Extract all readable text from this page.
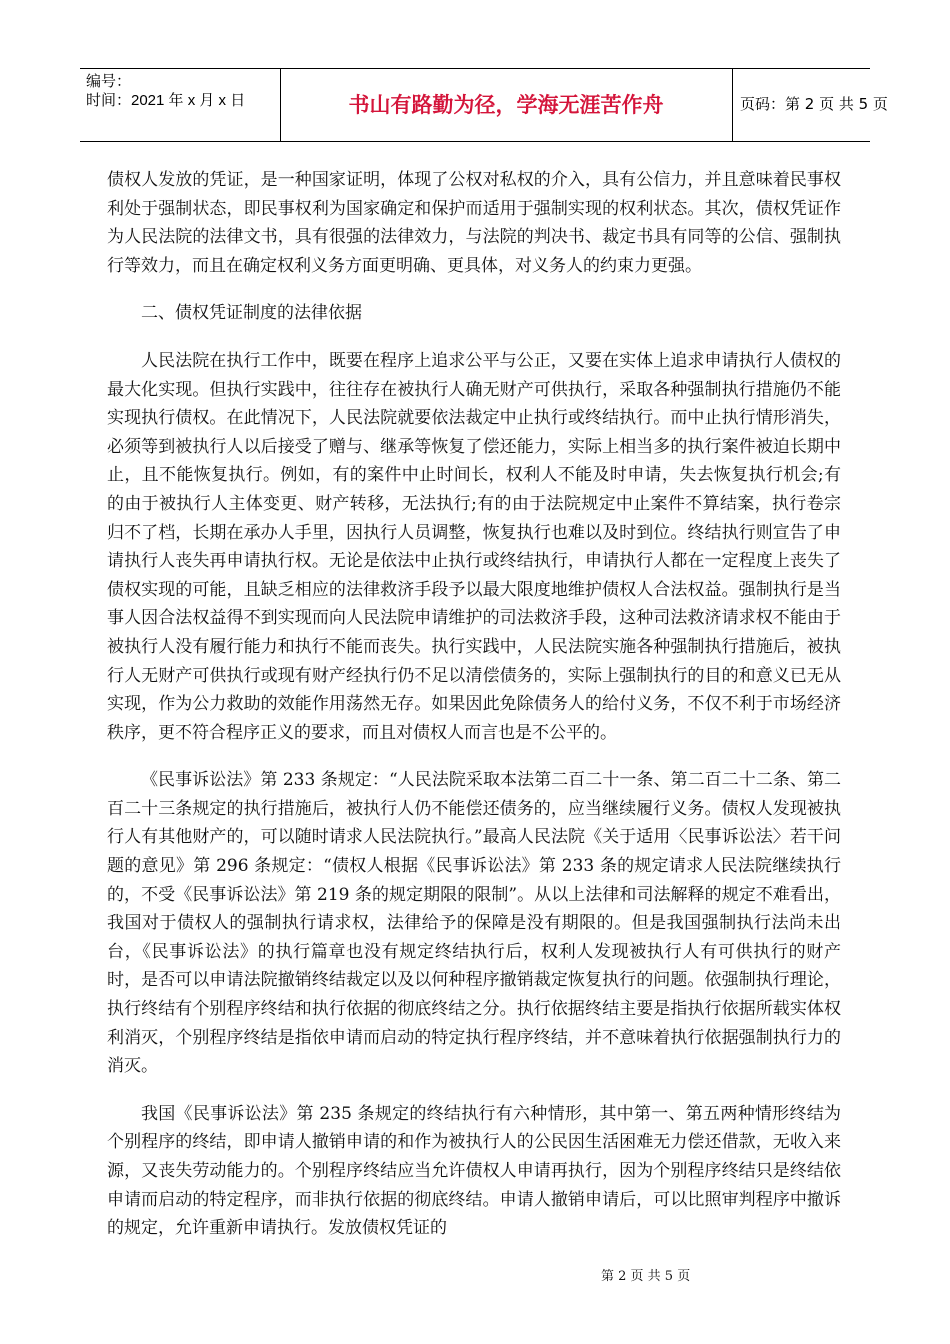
编号：
时间：2021 年 x 月 x 日	书山有路勤为径，学海无涯苦作舟	页码：第 2 页 共 5 页

债权人发放的凭证，是一种国家证明，体现了公权对私权的介入，具有公信力，并且意味着民事权利处于强制状态，即民事权利为国家确定和保护而适用于强制实现的权利状态。其次，债权凭证作为人民法院的法律文书，具有很强的法律效力，与法院的判决书、裁定书具有同等的公信、强制执行等效力，而且在确定权利义务方面更明确、更具体，对义务人的约束力更强。

二、债权凭证制度的法律依据

人民法院在执行工作中，既要在程序上追求公平与公正，又要在实体上追求申请执行人债权的最大化实现。但执行实践中，往往存在被执行人确无财产可供执行，采取各种强制执行措施仍不能实现执行债权。在此情况下，人民法院就要依法裁定中止执行或终结执行。而中止执行情形消失，必须等到被执行人以后接受了赠与、继承等恢复了偿还能力，实际上相当多的执行案件被迫长期中止，且不能恢复执行。例如，有的案件中止时间长，权利人不能及时申请，失去恢复执行机会;有的由于被执行人主体变更、财产转移，无法执行;有的由于法院规定中止案件不算结案，执行卷宗归不了档，长期在承办人手里，因执行人员调整，恢复执行也难以及时到位。终结执行则宣告了申请执行人丧失再申请执行权。无论是依法中止执行或终结执行，申请执行人都在一定程度上丧失了债权实现的可能，且缺乏相应的法律救济手段予以最大限度地维护债权人合法权益。强制执行是当事人因合法权益得不到实现而向人民法院申请维护的司法救济手段，这种司法救济请求权不能由于被执行人没有履行能力和执行不能而丧失。执行实践中，人民法院实施各种强制执行措施后，被执行人无财产可供执行或现有财产经执行仍不足以清偿债务的，实际上强制执行的目的和意义已无从实现，作为公力救助的效能作用荡然无存。如果因此免除债务人的给付义务，不仅不利于市场经济秩序，更不符合程序正义的要求，而且对债权人而言也是不公平的。

《民事诉讼法》第 233 条规定：“人民法院采取本法第二百二十一条、第二百二十二条、第二百二十三条规定的执行措施后，被执行人仍不能偿还债务的，应当继续履行义务。债权人发现被执行人有其他财产的，可以随时请求人民法院执行。”最高人民法院《关于适用〈民事诉讼法〉若干问题的意见》第 296 条规定：“债权人根据《民事诉讼法》第 233 条的规定请求人民法院继续执行的，不受《民事诉讼法》第 219 条的规定期限的限制”。从以上法律和司法解释的规定不难看出，我国对于债权人的强制执行请求权，法律给予的保障是没有期限的。但是我国强制执行法尚未出台，《民事诉讼法》的执行篇章也没有规定终结执行后，权利人发现被执行人有可供执行的财产时，是否可以申请法院撤销终结裁定以及以何种程序撤销裁定恢复执行的问题。依强制执行理论，执行终结有个别程序终结和执行依据的彻底终结之分。执行依据终结主要是指执行依据所载实体权利消灭，个别程序终结是指依申请而启动的特定执行程序终结，并不意味着执行依据强制执行力的消灭。

我国《民事诉讼法》第 235 条规定的终结执行有六种情形，其中第一、第五两种情形终结为个别程序的终结，即申请人撤销申请的和作为被执行人的公民因生活困难无力偿还借款，无收入来源，又丧失劳动能力的。个别程序终结应当允许债权人申请再执行，因为个别程序终结只是终结依申请而启动的特定程序，而非执行依据的彻底终结。申请人撤销申请后，可以比照审判程序中撤诉的规定，允许重新申请执行。发放债权凭证的

第 2 页 共 5 页
